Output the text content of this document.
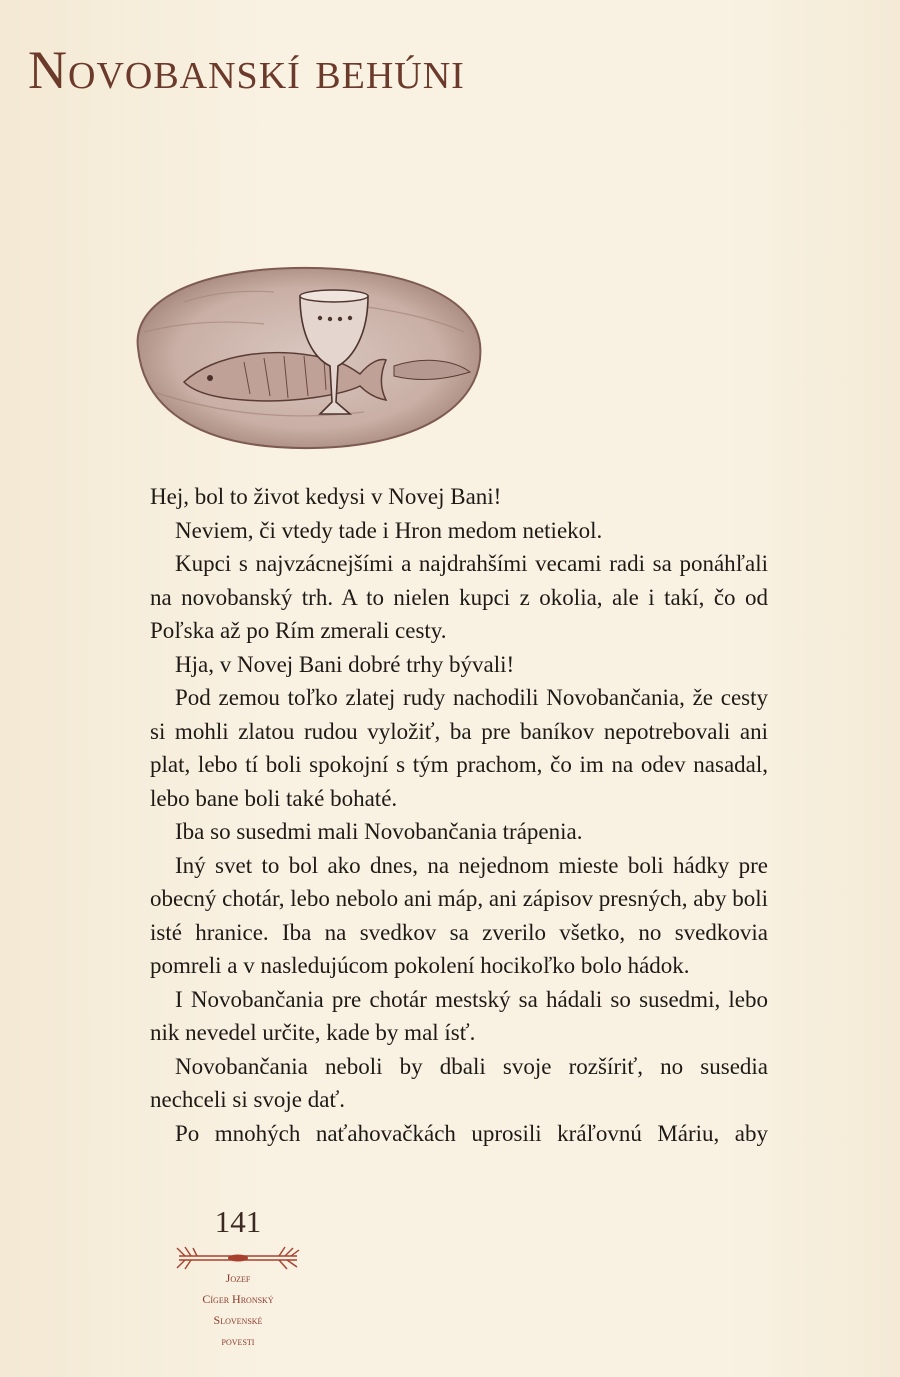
Novobanskí behúni

Hej, bol to život kedysi v Novej Bani!

Neviem, či vtedy tade i Hron medom netiekol.

Kupci s najvzácnejšími a najdrahšími vecami radi sa ponáhľali na novobanský trh. A to nielen kupci z okolia, ale i takí, čo od Poľska až po Rím zmerali cesty.

Hja, v Novej Bani dobré trhy bývali!

Pod zemou toľko zlatej rudy nachodili Novobančania, že cesty si mohli zlatou rudou vyložiť, ba pre baníkov nepotrebovali ani plat, lebo tí boli spokojní s tým prachom, čo im na odev nasadal, lebo bane boli také bohaté.

Iba so susedmi mali Novobančania trápenia.

Iný svet to bol ako dnes, na nejednom mieste boli hádky pre obecný chotár, lebo nebolo ani máp, ani zápisov presných, aby boli isté hranice. Iba na svedkov sa zverilo všetko, no svedkovia pomreli a v nasledujúcom pokolení hocikoľko bolo hádok.

I Novobančania pre chotár mestský sa hádali so susedmi, lebo nik nevedel určite, kade by mal ísť.

Novobančania neboli by dbali svoje rozšíriť, no susedia nechceli si svoje dať.

Po mnohých naťahovačkách uprosili kráľovnú Máriu, aby

141
Jozef
Cíger Hronský
Slovenské
povesti
